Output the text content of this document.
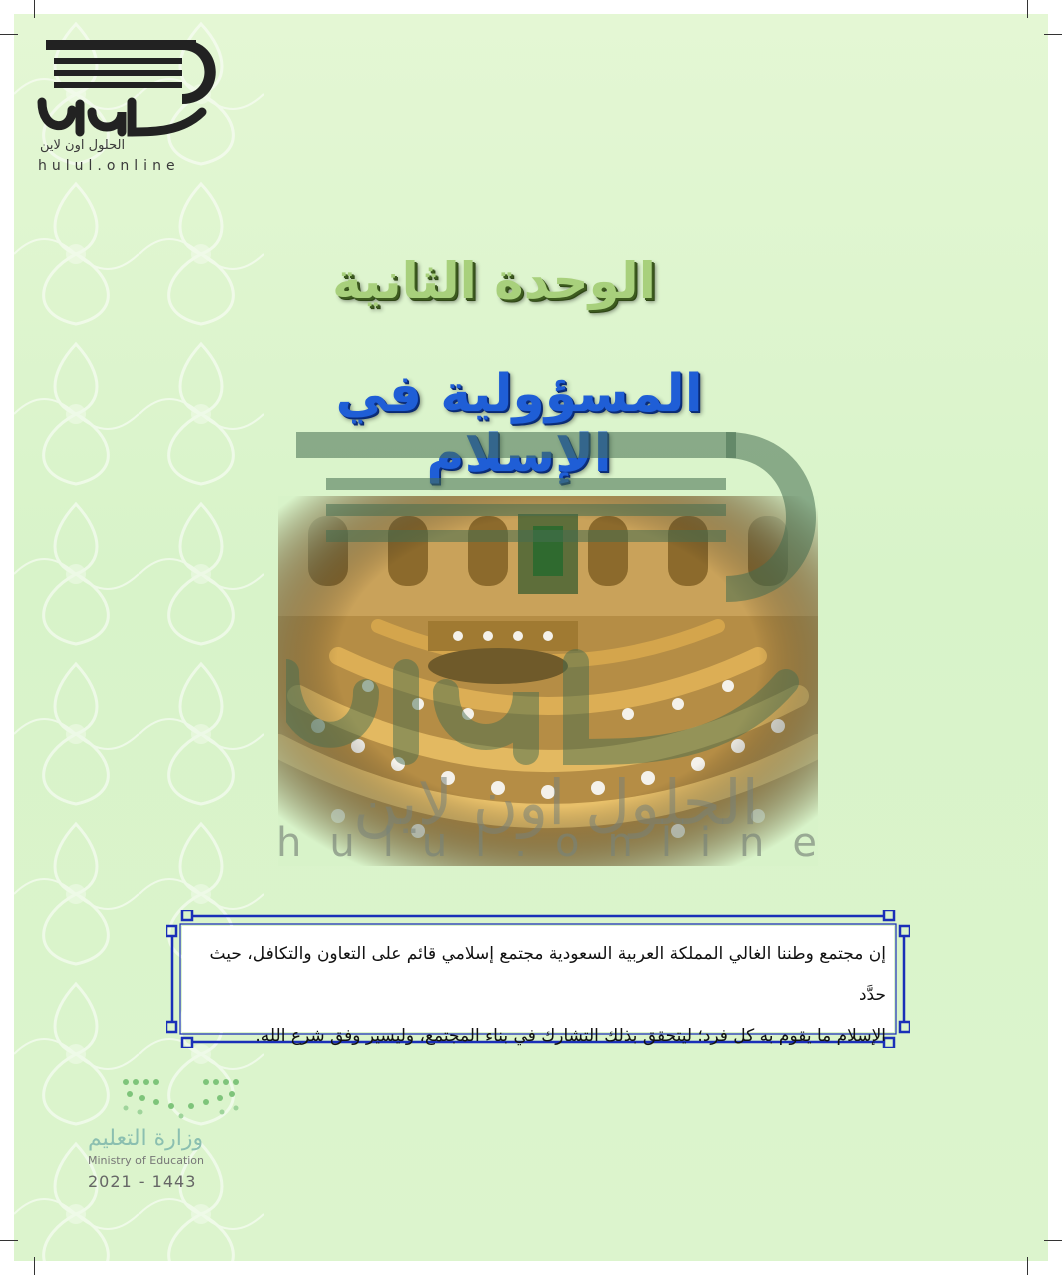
الحلول اون لاين
hulul.online
الوحدة الثانية
المسؤولية في
الحلول اون لاين
hulul.online
إن مجتمع وطننا الغالي المملكة العربية السعودية مجتمع إسلامي قائم على التعاون والتكافل، حيث حدَّد
الإسلام ما يقوم به كل فرد؛ ليتحقق بذلك التشارك في بناء المجتمع، وليسير وفق شرع الله.
وزارة التعليم
Ministry of Education
2021 - 1443
